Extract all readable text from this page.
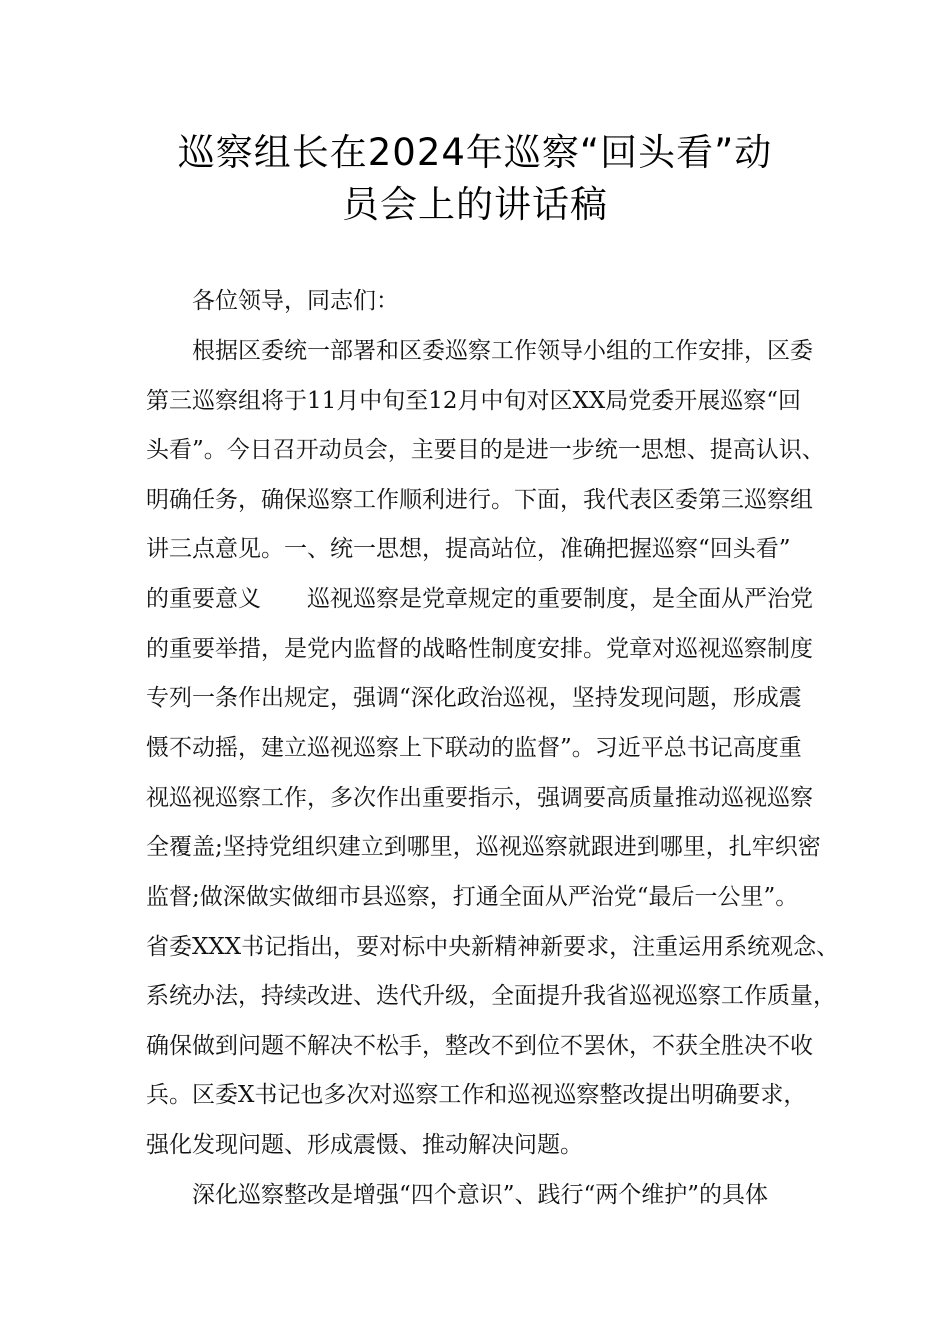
巡察组长在2024年巡察“回头看”动
员会上的讲话稿
各位领导，同志们：
根据区委统一部署和区委巡察工作领导小组的工作安排，区委
第三巡察组将于11月中旬至12月中旬对区XX局党委开展巡察“回
头看”。今日召开动员会，主要目的是进一步统一思想、提高认识、
明确任务，确保巡察工作顺利进行。下面，我代表区委第三巡察组
讲三点意见。一、统一思想，提高站位，准确把握巡察“回头看”
的重要意义 巡视巡察是党章规定的重要制度，是全面从严治党
的重要举措，是党内监督的战略性制度安排。党章对巡视巡察制度
专列一条作出规定，强调“深化政治巡视，坚持发现问题，形成震
慑不动摇，建立巡视巡察上下联动的监督”。习近平总书记高度重
视巡视巡察工作，多次作出重要指示，强调要高质量推动巡视巡察
全覆盖;坚持党组织建立到哪里，巡视巡察就跟进到哪里，扎牢织密
监督;做深做实做细市县巡察，打通全面从严治党“最后一公里”。
省委XXX书记指出，要对标中央新精神新要求，注重运用系统观念、
系统办法，持续改进、迭代升级，全面提升我省巡视巡察工作质量，
确保做到问题不解决不松手，整改不到位不罢休，不获全胜决不收
兵。区委X书记也多次对巡察工作和巡视巡察整改提出明确要求，
强化发现问题、形成震慑、推动解决问题。
深化巡察整改是增强“四个意识”、践行“两个维护”的具体
